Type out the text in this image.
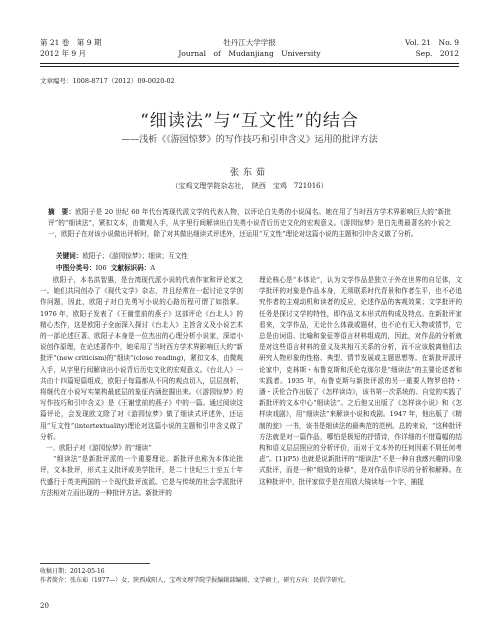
第 21 卷　第 9 期	牡丹江大学学报	Vol. 21　No. 9
2012 年 9 月	Journal　of　Mudanjiang　University	Sep.　2012
文章编号：1008-8717（2012）09-0020-02
“细读法”与“互文性”的结合
——浅析《《游园惊梦》的写作技巧和引申含义》运用的批评方法
张东茹
（宝鸡文理学院杂志社，　陕西　宝鸡　721016）
摘　要：欧阳子是 20 世纪 60 年代台湾现代派文学的代表人物，以评论白先勇的小说闻名。她在用了当时西方学术界影响巨大的“新批评”的“细读法”，紧扣文本，由微观入手，从字里行间解读出白先勇小说背后历史文化的宏观意义。《游园惊梦》是白先勇最著名的小说之一，欧阳子在对该小说做出评析时，除了对其做出细读式评述外，还运用“互文性”理论对这篇小说的主题和引申含义做了分析。
关键词：欧阳子；《游园惊梦》；细读；互文性
中图分类号：I06 文献标识码：A

欧阳子，本名洪智惠，是台湾现代派小说的代表作家和评论家之一。她们共同创办了《现代文学》杂志，并且经常在一起讨论文学创作问题，因此，欧阳子对白先勇写小说的心路历程可谓了如指掌。1976 年，欧阳子发表了《王谢堂前的燕子》这部评论《台北人》的精心杰作，这是欧阳子全面深入探讨《台北人》主旨含义及小说艺术的一部论述巨著。欧阳子本身是一位杰出的心理分析小说家，深谙小说创作原理，在论述著作中，她采用了当时西方学术界影响巨大的“新批评”(new criticism)的“细读”(close reading)，紧扣文本，由微观入手，从字里行间解读出小说背后历史文化的宏观意义。《台北人》一共由十四篇短篇组成，欧阳子每篇都从不同的观点切入，层层剖析，将继代在小说写实架构最底层的象征内涵挖掘出来。《《游园惊梦》的写作技巧和引申含义》是《王谢堂前的燕子》中的一篇。通过阅读这篇评论，会发现欧文除了对《游园惊梦》做了细读式评述外，还运用“互文性”(intertextuality)理论对这篇小说的主题和引申含义做了分析。

一、欧阳子对《游园惊梦》的“细读”

“细读法”是新批评派的一个重要理论。新批评也称为本体论批评，文本批评，形式主义批评或美学批评，是二十世纪三十至五十年代盛行于英美两国的一个现代批评流派。它是与传统的社会学派批评方法相对立而出现的一种批评方法。新批评的

理论核心是“本体论”，认为文学作品是独立于外在世界的自足体，文学批评的对象是作品本身，无须联系时代背景和作者生平，也不必追究作者的主观动机和读者的反应，论述作品的客观效果；文学批评的任务是探讨文学的特性，即作品文本形式的构成及特点。在新批评家看来，文学作品，无论什么体裁或题材，也不论有无人物或情节，它总是由词语、比喻和象征等语言材料组成的，因此，对作品的分析就是对这些语言材料的意义及其相互关系的分析，而不应该脱离他们去研究人物形象的性格、典型、情节发展或主题思想等。在新批评派评论家中，克林斯・布鲁克斯和沃伦克那尔是“细读法”的主要论述者和实践者。1935 年，布鲁克斯与新批评派的另一重要人物罗伯特・潘・沃伦合作出版了《怎样读诗》，该书第一次系统的、自觉的实践了新批评的文本中心“细读法”。之后他又出版了《怎样读小说》和《怎样读戏剧》，用“细读法”来解读小说和戏剧。1947 年，他出版了《精制的瓮》一书，该书是细读法的最典范的范例。总的来说，“这种批评方法就是对一篇作品，哪怕是极短的抒情诗，作详细的不惜篇幅的结构和语义层层照应的分析评价，而对于文本外的任何因素不屑任何考虑”。[1](P5) 也就是说新批评的“细读法”不是一种自我感兴趣的印象式批评，而是一种“细致的诠释”，是对作品作详尽的分析和解释。在这种批评中，批评家似乎是在用放大镜读每一个字，捕捉

收稿日期：2012-05-16
作者简介：张东茹（1977—）女，陕西咸阳人，宝鸡文理学院学报编辑部编辑，文学硕士，研究方向：民俗学研究。
20
